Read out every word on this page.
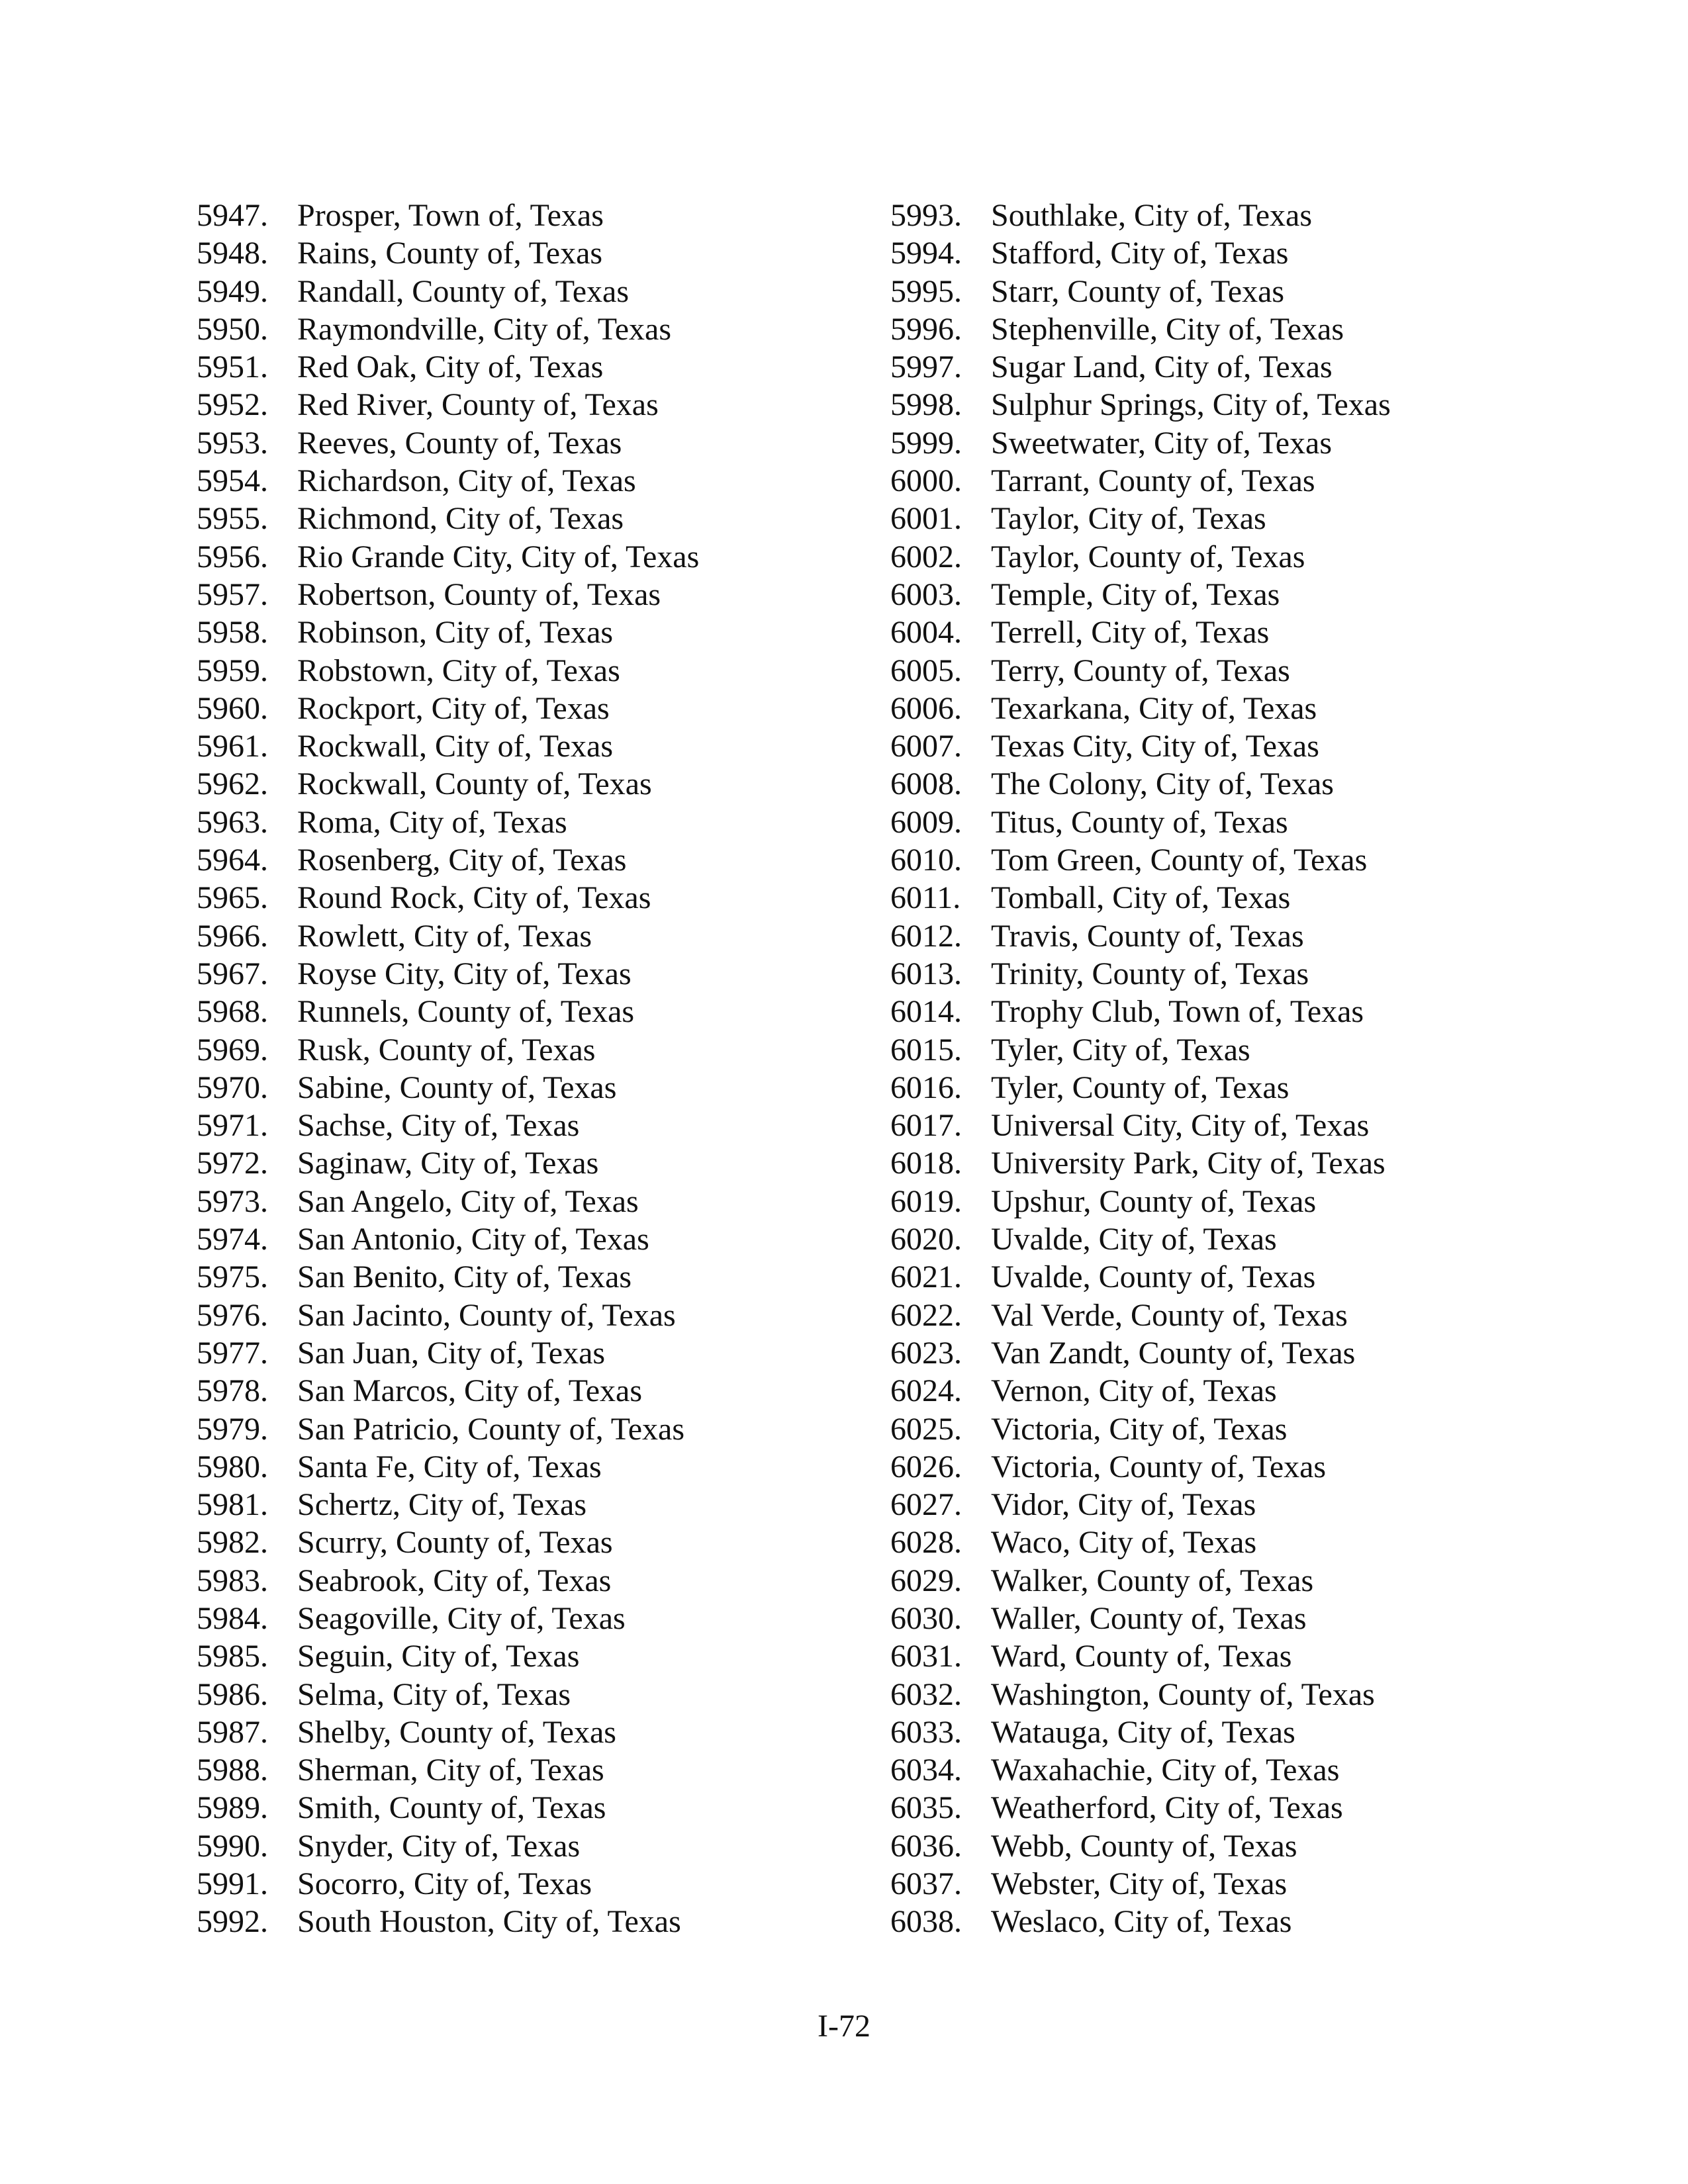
5947. Prosper, Town of, Texas
5948. Rains, County of, Texas
5949. Randall, County of, Texas
5950. Raymondville, City of, Texas
5951. Red Oak, City of, Texas
5952. Red River, County of, Texas
5953. Reeves, County of, Texas
5954. Richardson, City of, Texas
5955. Richmond, City of, Texas
5956. Rio Grande City, City of, Texas
5957. Robertson, County of, Texas
5958. Robinson, City of, Texas
5959. Robstown, City of, Texas
5960. Rockport, City of, Texas
5961. Rockwall, City of, Texas
5962. Rockwall, County of, Texas
5963. Roma, City of, Texas
5964. Rosenberg, City of, Texas
5965. Round Rock, City of, Texas
5966. Rowlett, City of, Texas
5967. Royse City, City of, Texas
5968. Runnels, County of, Texas
5969. Rusk, County of, Texas
5970. Sabine, County of, Texas
5971. Sachse, City of, Texas
5972. Saginaw, City of, Texas
5973. San Angelo, City of, Texas
5974. San Antonio, City of, Texas
5975. San Benito, City of, Texas
5976. San Jacinto, County of, Texas
5977. San Juan, City of, Texas
5978. San Marcos, City of, Texas
5979. San Patricio, County of, Texas
5980. Santa Fe, City of, Texas
5981. Schertz, City of, Texas
5982. Scurry, County of, Texas
5983. Seabrook, City of, Texas
5984. Seagoville, City of, Texas
5985. Seguin, City of, Texas
5986. Selma, City of, Texas
5987. Shelby, County of, Texas
5988. Sherman, City of, Texas
5989. Smith, County of, Texas
5990. Snyder, City of, Texas
5991. Socorro, City of, Texas
5992. South Houston, City of, Texas
5993. Southlake, City of, Texas
5994. Stafford, City of, Texas
5995. Starr, County of, Texas
5996. Stephenville, City of, Texas
5997. Sugar Land, City of, Texas
5998. Sulphur Springs, City of, Texas
5999. Sweetwater, City of, Texas
6000. Tarrant, County of, Texas
6001. Taylor, City of, Texas
6002. Taylor, County of, Texas
6003. Temple, City of, Texas
6004. Terrell, City of, Texas
6005. Terry, County of, Texas
6006. Texarkana, City of, Texas
6007. Texas City, City of, Texas
6008. The Colony, City of, Texas
6009. Titus, County of, Texas
6010. Tom Green, County of, Texas
6011. Tomball, City of, Texas
6012. Travis, County of, Texas
6013. Trinity, County of, Texas
6014. Trophy Club, Town of, Texas
6015. Tyler, City of, Texas
6016. Tyler, County of, Texas
6017. Universal City, City of, Texas
6018. University Park, City of, Texas
6019. Upshur, County of, Texas
6020. Uvalde, City of, Texas
6021. Uvalde, County of, Texas
6022. Val Verde, County of, Texas
6023. Van Zandt, County of, Texas
6024. Vernon, City of, Texas
6025. Victoria, City of, Texas
6026. Victoria, County of, Texas
6027. Vidor, City of, Texas
6028. Waco, City of, Texas
6029. Walker, County of, Texas
6030. Waller, County of, Texas
6031. Ward, County of, Texas
6032. Washington, County of, Texas
6033. Watauga, City of, Texas
6034. Waxahachie, City of, Texas
6035. Weatherford, City of, Texas
6036. Webb, County of, Texas
6037. Webster, City of, Texas
6038. Weslaco, City of, Texas
I-72
